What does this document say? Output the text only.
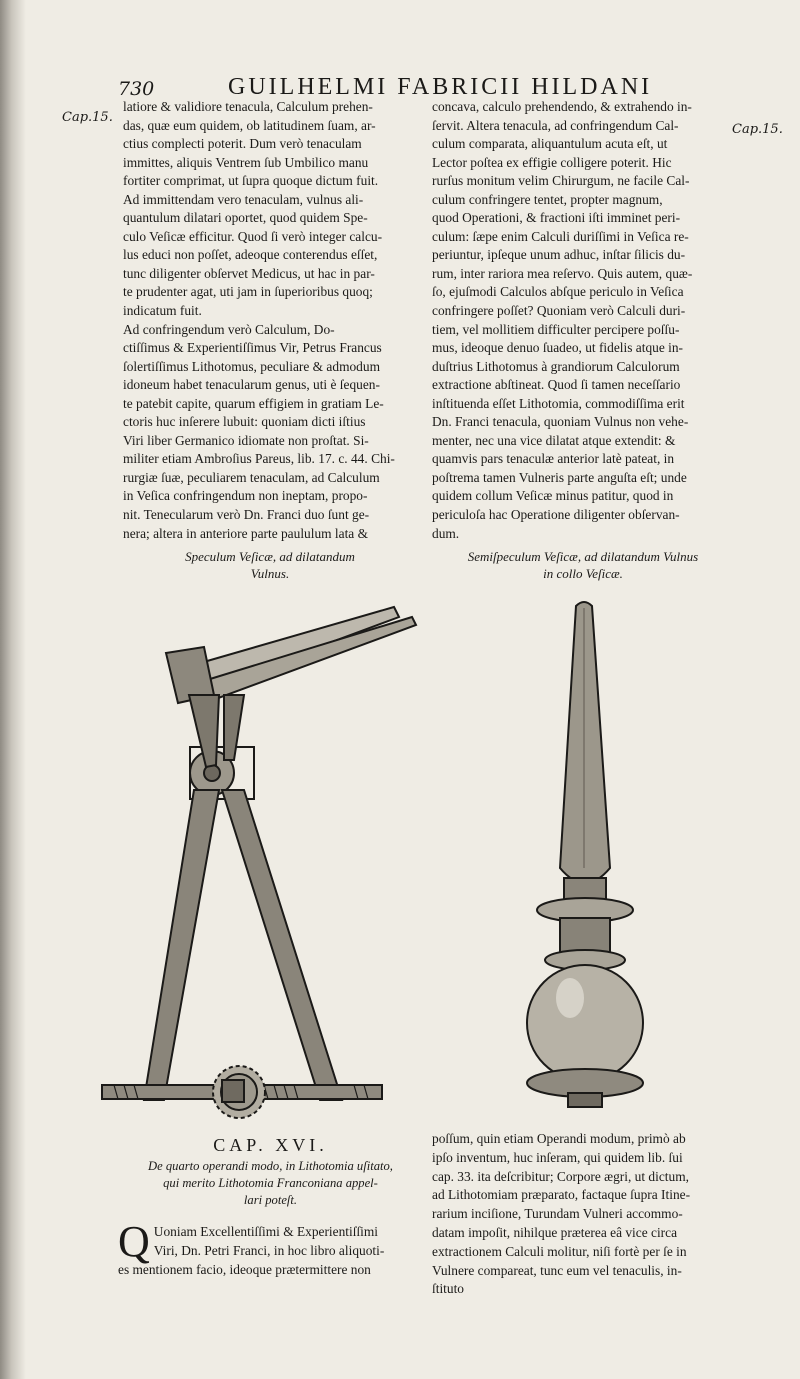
730	GUILHELMI FABRICII HILDANI
Cap.15.
Cap.15.
latiore & validiore tenacula, Calculum prehen-
das, quæ eum quidem, ob latitudinem ſuam, ar-
ctius complecti poterit. Dum verò tenaculam
immittes, aliquis Ventrem ſub Umbilico manu
fortiter comprimat, ut ſupra quoque dictum fuit.
Ad immittendam vero tenaculam, vulnus ali-
quantulum dilatari oportet, quod quidem Spe-
culo Veſicæ efficitur. Quod ſi verò integer calcu-
lus educi non poſſet, adeoque conterendus eſſet,
tunc diligenter obſervet Medicus, ut hac in par-
te prudenter agat, uti jam in ſuperioribus quoq;
indicatum fuit.
Ad confringendum verò Calculum, Do-
ctiſſimus & Experientiſſimus Vir, Petrus Francus
ſolertiſſimus Lithotomus, peculiare & admodum
idoneum habet tenacularum genus, uti è ſequen-
te patebit capite, quarum effigiem in gratiam Le-
ctoris huc inſerere lubuit: quoniam dicti iſtius
Viri liber Germanico idiomate non proſtat. Si-
militer etiam Ambroſius Pareus, lib. 17. c. 44. Chi-
rurgiæ ſuæ, peculiarem tenaculam, ad Calculum
in Veſica confringendum non ineptam, propo-
nit. Tenecularum verò Dn. Franci duo ſunt ge-
nera; altera in anteriore parte paululum lata &
concava, calculo prehendendo, & extrahendo in-
ſervit. Altera tenacula, ad confringendum Cal-
culum comparata, aliquantulum acuta eſt, ut
Lector poſtea ex effigie colligere poterit. Hic
rurſus monitum velim Chirurgum, ne facile Cal-
culum confringere tentet, propter magnum,
quod Operationi, & fractioni iſti imminet peri-
culum: ſæpe enim Calculi duriſſimi in Veſica re-
periuntur, ipſeque unum adhuc, inſtar ſilicis du-
rum, inter rariora mea reſervo. Quis autem, quæ-
ſo, ejuſmodi Calculos abſque periculo in Veſica
confringere poſſet? Quoniam verò Calculi duri-
tiem, vel mollitiem difficulter percipere poſſu-
mus, ideoque denuo ſuadeo, ut fidelis atque in-
duſtrius Lithotomus à grandiorum Calculorum
extractione abſtineat. Quod ſi tamen neceſſario
inſtituenda eſſet Lithotomia, commodiſſima erit
Dn. Franci tenacula, quoniam Vulnus non vehe-
menter, nec una vice dilatat atque extendit: &
quamvis pars tenaculæ anterior latè pateat, in
poſtrema tamen Vulneris parte anguſta eſt; unde
quidem collum Veſicæ minus patitur, quod in
periculoſa hac Operatione diligenter obſervan-
dum.
Speculum Veſicæ, ad dilatandum
Vulnus.
Semiſpeculum Veſicæ, ad dilatandum Vulnus
in collo Veſicæ.
CAP. XVI.
De quarto operandi modo, in Lithotomia uſitato,
qui merito Lithotomia Franconiana appel-
lari poteſt.
Q Uoniam Excellentiſſimi & Experientiſſimi
Viri, Dn. Petri Franci, in hoc libro aliquoti-
es mentionem facio, ideoque prætermittere non
poſſum, quin etiam Operandi modum, primò ab
ipſo inventum, huc inſeram, qui quidem lib. ſui
cap. 33. ita deſcribitur; Corpore ægri, ut dictum,
ad Lithotomiam præparato, factaque ſupra Itine-
rarium inciſione, Turundam Vulneri accommo-
datam impoſit, nihilque præterea eâ vice circa
extractionem Calculi molitur, niſi fortè per ſe in
Vulnere compareat, tunc eum vel tenaculis, in-
ſtituto
